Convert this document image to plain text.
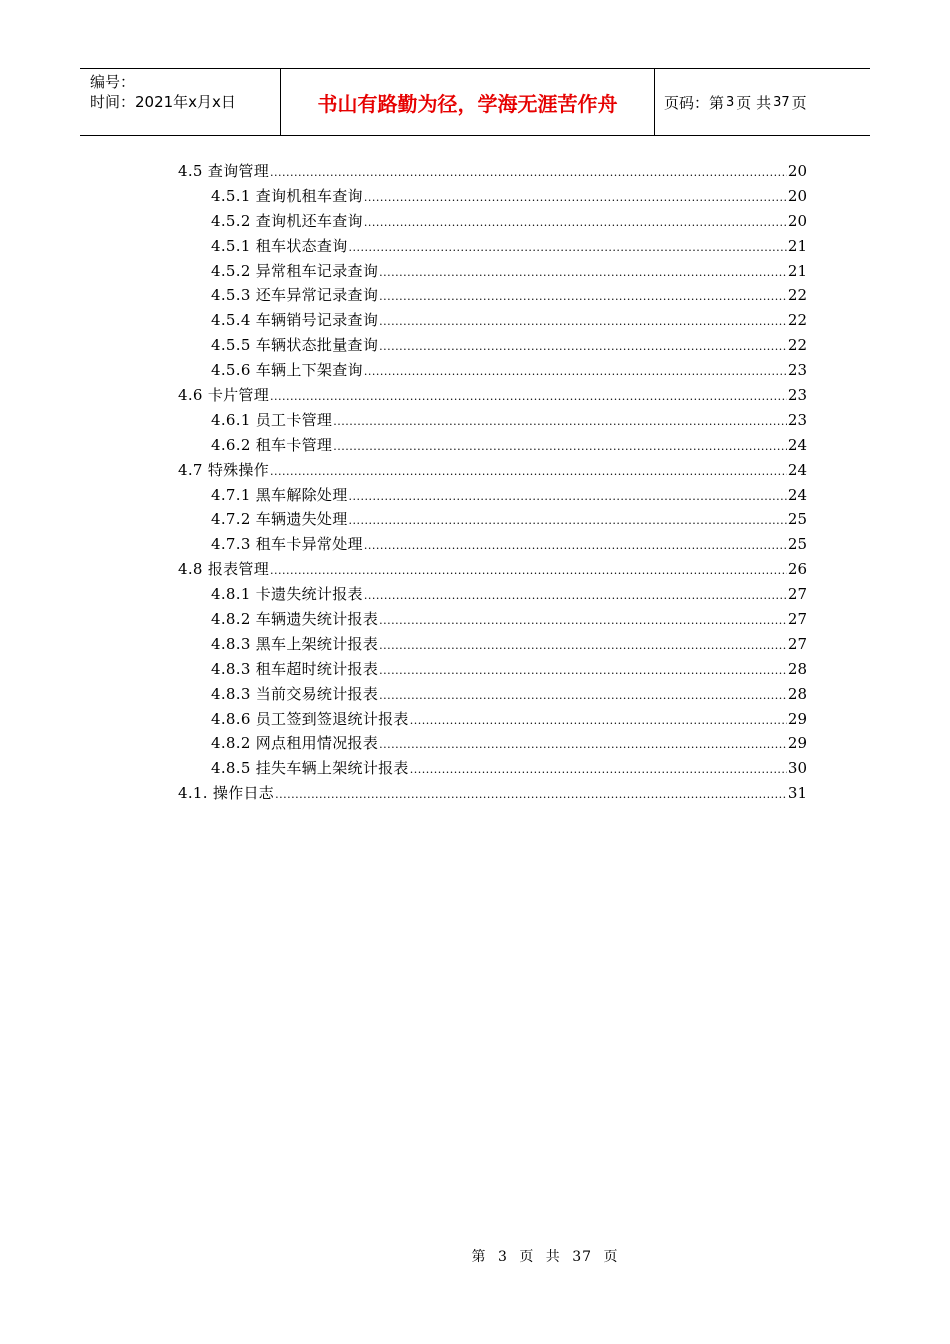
编号：
时间：2021年x月x日	书山有路勤为径，学海无涯苦作舟	页码：第 3 页 共 37 页
4.5 查询管理 .....	20
4.5.1 查询机租车查询 .....	20
4.5.2 查询机还车查询 .....	20
4.5.1 租车状态查询 .....	21
4.5.2 异常租车记录查询 .....	21
4.5.3 还车异常记录查询 .....	22
4.5.4 车辆销号记录查询 .....	22
4.5.5 车辆状态批量查询 .....	22
4.5.6 车辆上下架查询 .....	23
4.6 卡片管理 .....	23
4.6.1 员工卡管理 .....	23
4.6.2 租车卡管理 .....	24
4.7 特殊操作 .....	24
4.7.1 黑车解除处理 .....	24
4.7.2 车辆遗失处理 .....	25
4.7.3 租车卡异常处理 .....	25
4.8 报表管理 .....	26
4.8.1 卡遗失统计报表 .....	27
4.8.2 车辆遗失统计报表 .....	27
4.8.3 黑车上架统计报表 .....	27
4.8.3 租车超时统计报表 .....	28
4.8.3 当前交易统计报表 .....	28
4.8.6 员工签到签退统计报表 .....	29
4.8.2 网点租用情况报表 .....	29
4.8.5 挂失车辆上架统计报表 .....	30
4.1. 操作日志 .....	31
第 3 页 共 37 页
